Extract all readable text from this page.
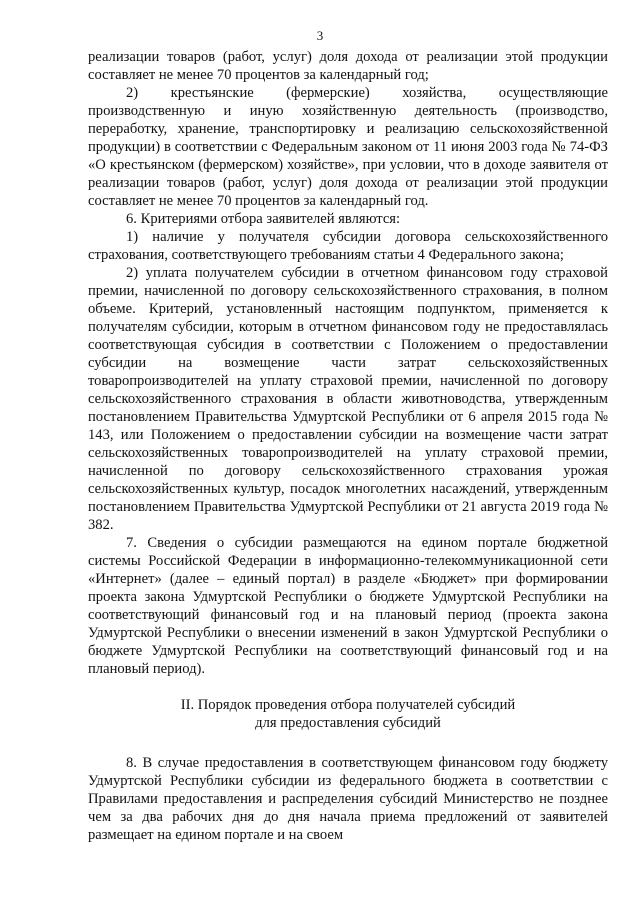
3

реализации товаров (работ, услуг) доля дохода от реализации этой продукции составляет не менее 70 процентов за календарный год;

2) крестьянские (фермерские) хозяйства, осуществляющие производственную и иную хозяйственную деятельность (производство, переработку, хранение, транспортировку и реализацию сельскохозяйственной продукции) в соответствии с Федеральным законом от 11 июня 2003 года № 74-ФЗ «О крестьянском (фермерском) хозяйстве», при условии, что в доходе заявителя от реализации товаров (работ, услуг) доля дохода от реализации этой продукции составляет не менее 70 процентов за календарный год.

6. Критериями отбора заявителей являются:

1) наличие у получателя субсидии договора сельскохозяйственного страхования, соответствующего требованиям статьи 4 Федерального закона;

2) уплата получателем субсидии в отчетном финансовом году страховой премии, начисленной по договору сельскохозяйственного страхования, в полном объеме. Критерий, установленный настоящим подпунктом, применяется к получателям субсидии, которым в отчетном финансовом году не предоставлялась соответствующая субсидия в соответствии с Положением о предоставлении субсидии на возмещение части затрат сельскохозяйственных товаропроизводителей на уплату страховой премии, начисленной по договору сельскохозяйственного страхования в области животноводства, утвержденным постановлением Правительства Удмуртской Республики от 6 апреля 2015 года № 143, или Положением о предоставлении субсидии на возмещение части затрат сельскохозяйственных товаропроизводителей на уплату страховой премии, начисленной по договору сельскохозяйственного страхования урожая сельскохозяйственных культур, посадок многолетних насаждений, утвержденным постановлением Правительства Удмуртской Республики от 21 августа 2019 года № 382.

7. Сведения о субсидии размещаются на едином портале бюджетной системы Российской Федерации в информационно-телекоммуникационной сети «Интернет» (далее – единый портал) в разделе «Бюджет» при формировании проекта закона Удмуртской Республики о бюджете Удмуртской Республики на соответствующий финансовый год и на плановый период (проекта закона Удмуртской Республики о внесении изменений в закон Удмуртской Республики о бюджете Удмуртской Республики на соответствующий финансовый год и на плановый период).

II. Порядок проведения отбора получателей субсидий

для предоставления субсидий

8. В случае предоставления в соответствующем финансовом году бюджету Удмуртской Республики субсидии из федерального бюджета в соответствии с Правилами предоставления и распределения субсидий Министерство не позднее чем за два рабочих дня до дня начала приема предложений от заявителей размещает на едином портале и на своем
